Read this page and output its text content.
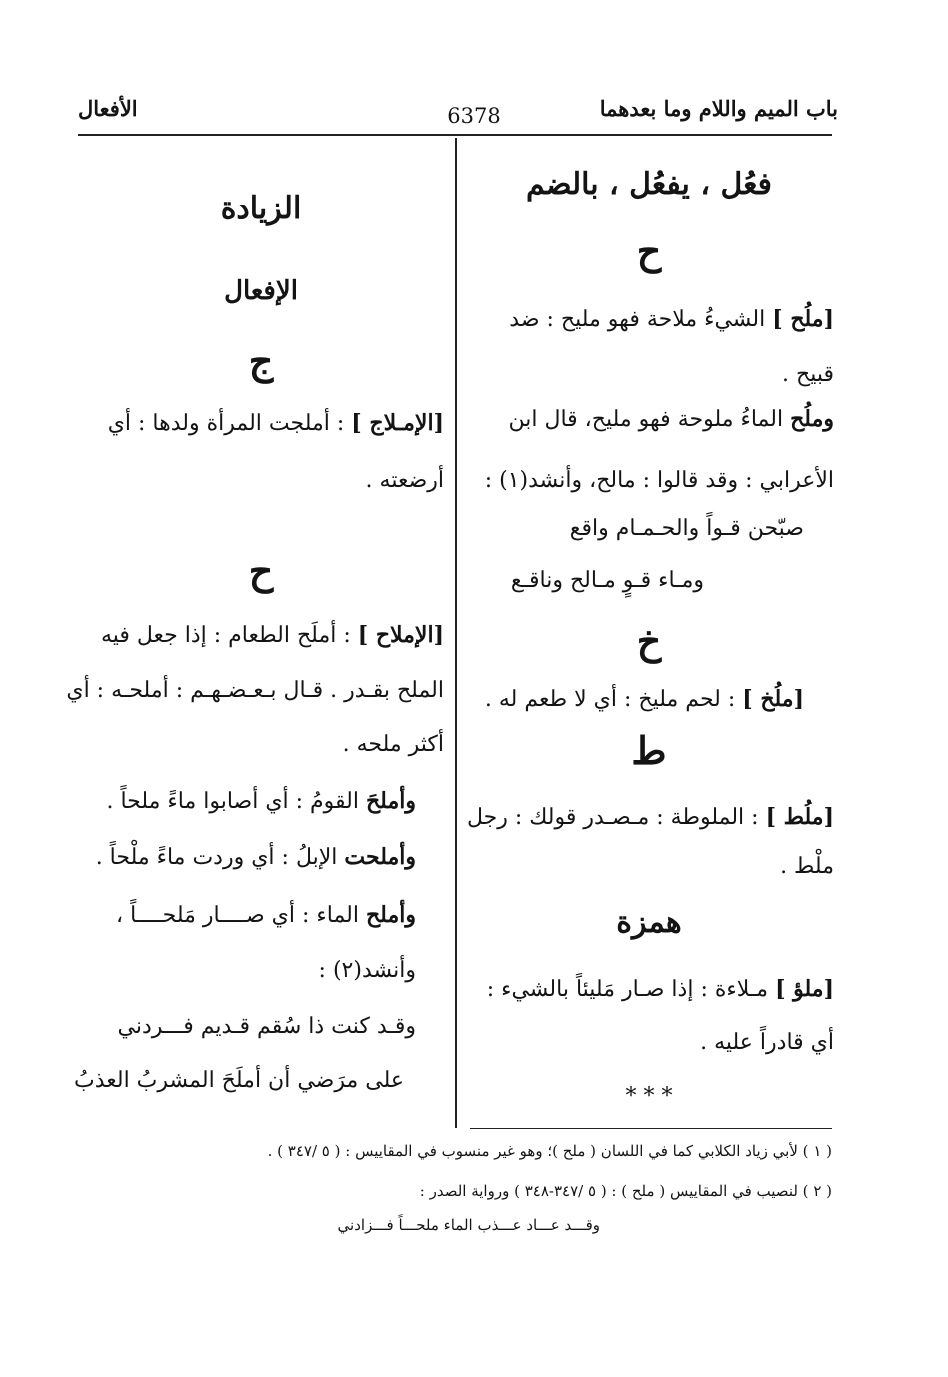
باب الميم واللام وما بعدهما
6378
الأفعال
فعُل ، يفعُل ، بالضم
ح
[ملُح ] الشيءُ ملاحة فهو مليح : ضد
قبيح .
وملُح الماءُ ملوحة فهو مليح، قال ابن
الأعرابي : وقد قالوا : مالح، وأنشد(١) :
صبّحن قـواً والحـمـام واقع
ومـاء قـوٍ مـالح وناقـع
خ
[ملُخ ] : لحم مليخ : أي لا طعم له .
ط
[ملُط ] : الملوطة : مـصـدر قولك : رجل
ملْط .
همزة
[ملؤ ] مـلاءة : إذا صـار مَليئاً بالشيء :
أي قادراً عليه .
* * *
الزيادة
الإفعال
ج
[الإمـلاج ] : أملجت المرأة ولدها : أي
أرضعته .
ح
[الإملاح ] : أملَح الطعام : إذا جعل فيه
الملح بقـدر . قـال بـعـضـهـم : أملحـه : أي
أكثر ملحه .
وأملحَ القومُ : أي أصابوا ماءً ملحاً .
وأملحت الإبلُ : أي وردت ماءً ملْحاً .
وأملح الماء : أي صــــار مَلحــــاً ،
وأنشد(٢) :
وقـد كنت ذا سُقم قـديم فـــردني
على مرَضي أن أملَحَ المشربُ العذبُ
( ١ ) لأبي زياد الكلابي كما في اللسان ( ملح )؛ وهو غير منسوب في المقاييس : ( ٥ /٣٤٧ ) .
( ٢ ) لنصيب في المقاييس ( ملح ) : ( ٥ /٣٤٧-٣٤٨ ) ورواية الصدر :
وقـــد عـــاد عـــذب الماء ملحـــاً فـــزادني
